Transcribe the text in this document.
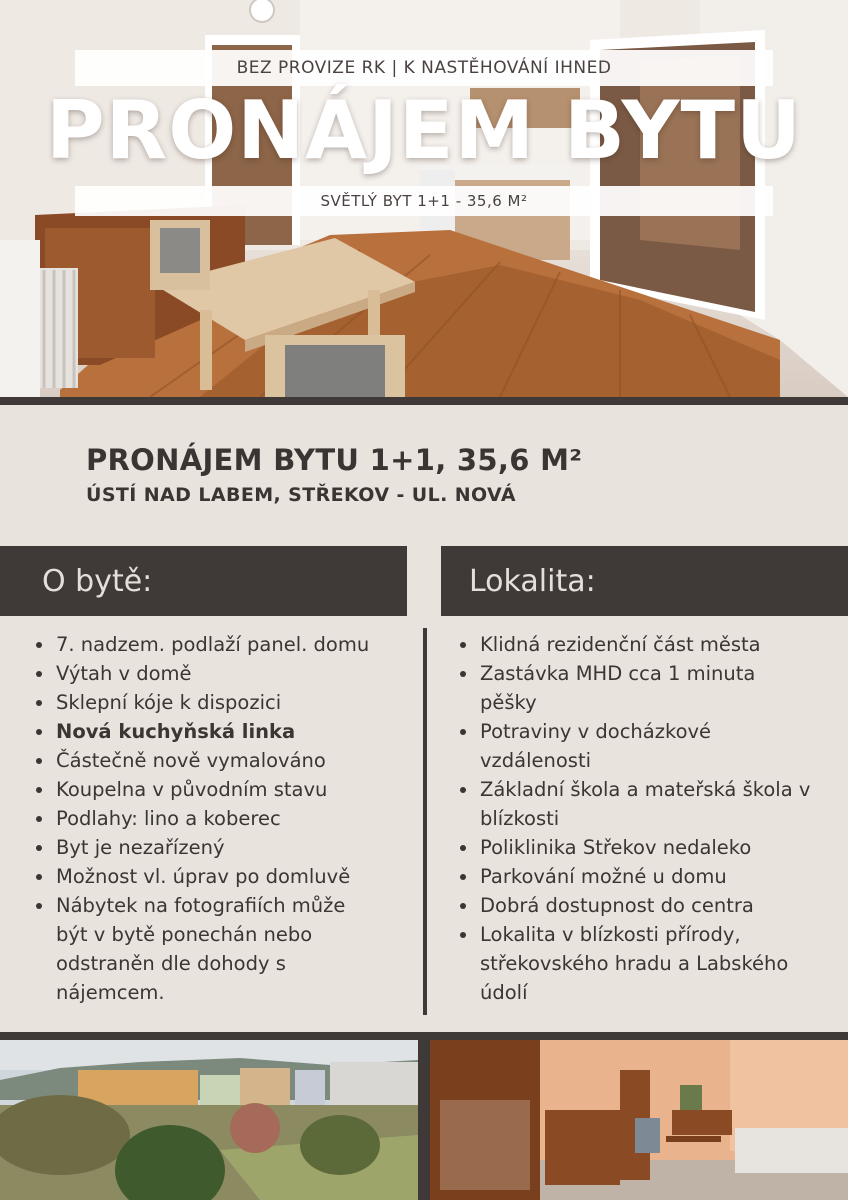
BEZ PROVIZE RK | K NASTĚHOVÁNÍ IHNED
PRONÁJEM BYTU
SVĚTLÝ BYT 1+1 - 35,6 M²
PRONÁJEM BYTU 1+1, 35,6 M²
ÚSTÍ NAD LABEM, STŘEKOV - UL. NOVÁ
O bytě:	Lokalita:
7. nadzem. podlaží panel. domu
Výtah v domě
Sklepní kóje k dispozici
Nová kuchyňská linka
Částečně nově vymalováno
Koupelna v původním stavu
Podlahy: lino a koberec
Byt je nezařízený
Možnost vl. úprav po domluvě
Nábytek na fotografiích může být v bytě ponechán nebo odstraněn dle dohody s nájemcem.
Klidná rezidenční část města
Zastávka MHD cca 1 minuta pěšky
Potraviny v docházkové vzdálenosti
Základní škola a mateřská škola v blízkosti
Poliklinika Střekov nedaleko
Parkování možné u domu
Dobrá dostupnost do centra
Lokalita v blízkosti přírody, střekovského hradu a Labského údolí
